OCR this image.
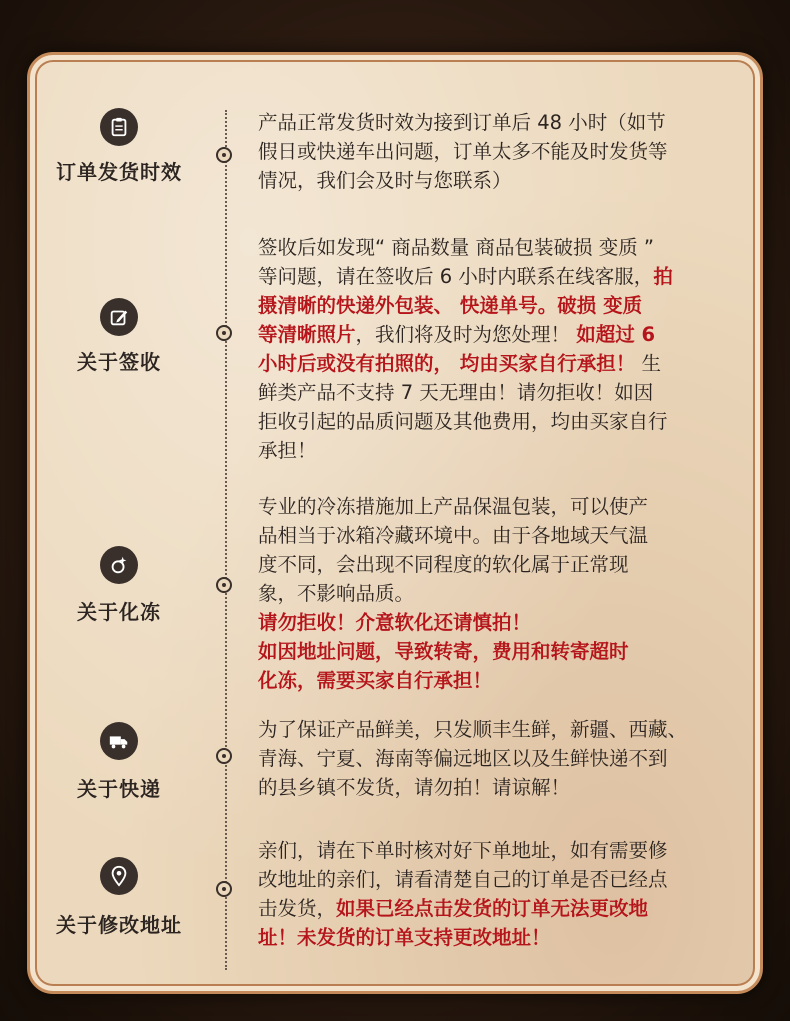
订单发货时效
产品正常发货时效为接到订单后 48 小时（如节
假日或快递车出问题，订单太多不能及时发货等
情况，我们会及时与您联系）
关于签收
签收后如发现“ 商品数量 商品包装破损 变质 ”
等问题，请在签收后 6 小时内联系在线客服，拍
摄清晰的快递外包装、 快递单号。破损 变质
等清晰照片，我们将及时为您处理！ 如超过 6
小时后或没有拍照的， 均由买家自行承担！ 生
鲜类产品不支持 7 天无理由！请勿拒收！如因
拒收引起的品质问题及其他费用，均由买家自行
承担！
关于化冻
专业的冷冻措施加上产品保温包装，可以使产
品相当于冰箱冷藏环境中。由于各地域天气温
度不同，会出现不同程度的软化属于正常现
象，不影响品质。
请勿拒收！介意软化还请慎拍！
如因地址问题，导致转寄，费用和转寄超时
化冻，需要买家自行承担！
关于快递
为了保证产品鲜美，只发顺丰生鲜，新疆、西藏、
青海、宁夏、海南等偏远地区以及生鲜快递不到
的县乡镇不发货，请勿拍！请谅解！
关于修改地址
亲们，请在下单时核对好下单地址，如有需要修
改地址的亲们，请看清楚自己的订单是否已经点
击发货，如果已经点击发货的订单无法更改地
址！未发货的订单支持更改地址！
